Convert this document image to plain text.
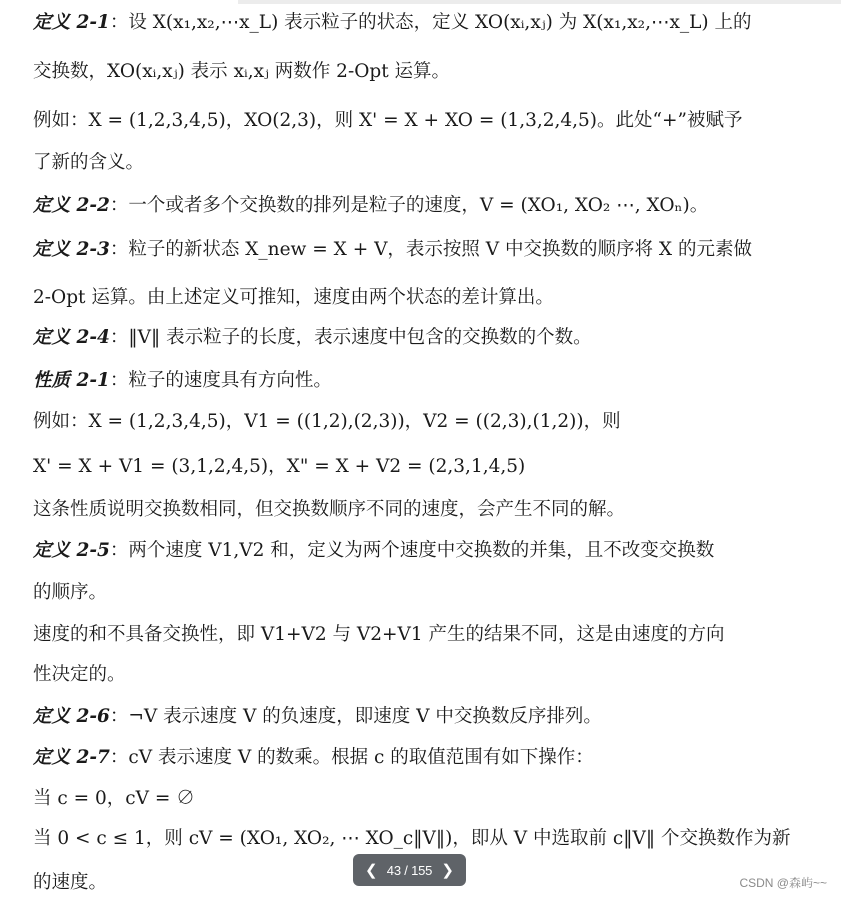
定义 2-1：设 X(x₁,x₂,⋯x_L) 表示粒子的状态，定义 XO(xᵢ,xⱼ) 为 X(x₁,x₂,⋯x_L) 上的
交换数，XO(xᵢ,xⱼ) 表示 xᵢ,xⱼ 两数作 2-Opt 运算。
例如：X = (1,2,3,4,5)，XO(2,3)，则 X' = X + XO = (1,3,2,4,5)。此处“+”被赋予
了新的含义。
定义 2-2：一个或者多个交换数的排列是粒子的速度，V = (XO₁, XO₂ ⋯, XOₙ)。
定义 2-3：粒子的新状态 X_new = X + V，表示按照 V 中交换数的顺序将 X 的元素做
2-Opt 运算。由上述定义可推知，速度由两个状态的差计算出。
定义 2-4：‖V‖ 表示粒子的长度，表示速度中包含的交换数的个数。
性质 2-1：粒子的速度具有方向性。
例如：X = (1,2,3,4,5)，V1 = ((1,2),(2,3))，V2 = ((2,3),(1,2))，则
X' = X + V1 = (3,1,2,4,5)，X" = X + V2 = (2,3,1,4,5)
这条性质说明交换数相同，但交换数顺序不同的速度，会产生不同的解。
定义 2-5：两个速度 V1,V2 和，定义为两个速度中交换数的并集，且不改变交换数
的顺序。
速度的和不具备交换性，即 V1+V2 与 V2+V1 产生的结果不同，这是由速度的方向
性决定的。
定义 2-6：¬V 表示速度 V 的负速度，即速度 V 中交换数反序排列。
定义 2-7：cV 表示速度 V 的数乘。根据 c 的取值范围有如下操作：
当 c = 0，cV = ∅
当 0 < c ≤ 1，则 cV = (XO₁, XO₂, ⋯ XO_c‖V‖)，即从 V 中选取前 c‖V‖ 个交换数作为新
的速度。
❮ 43 / 155 ❯
CSDN @森屿~~
